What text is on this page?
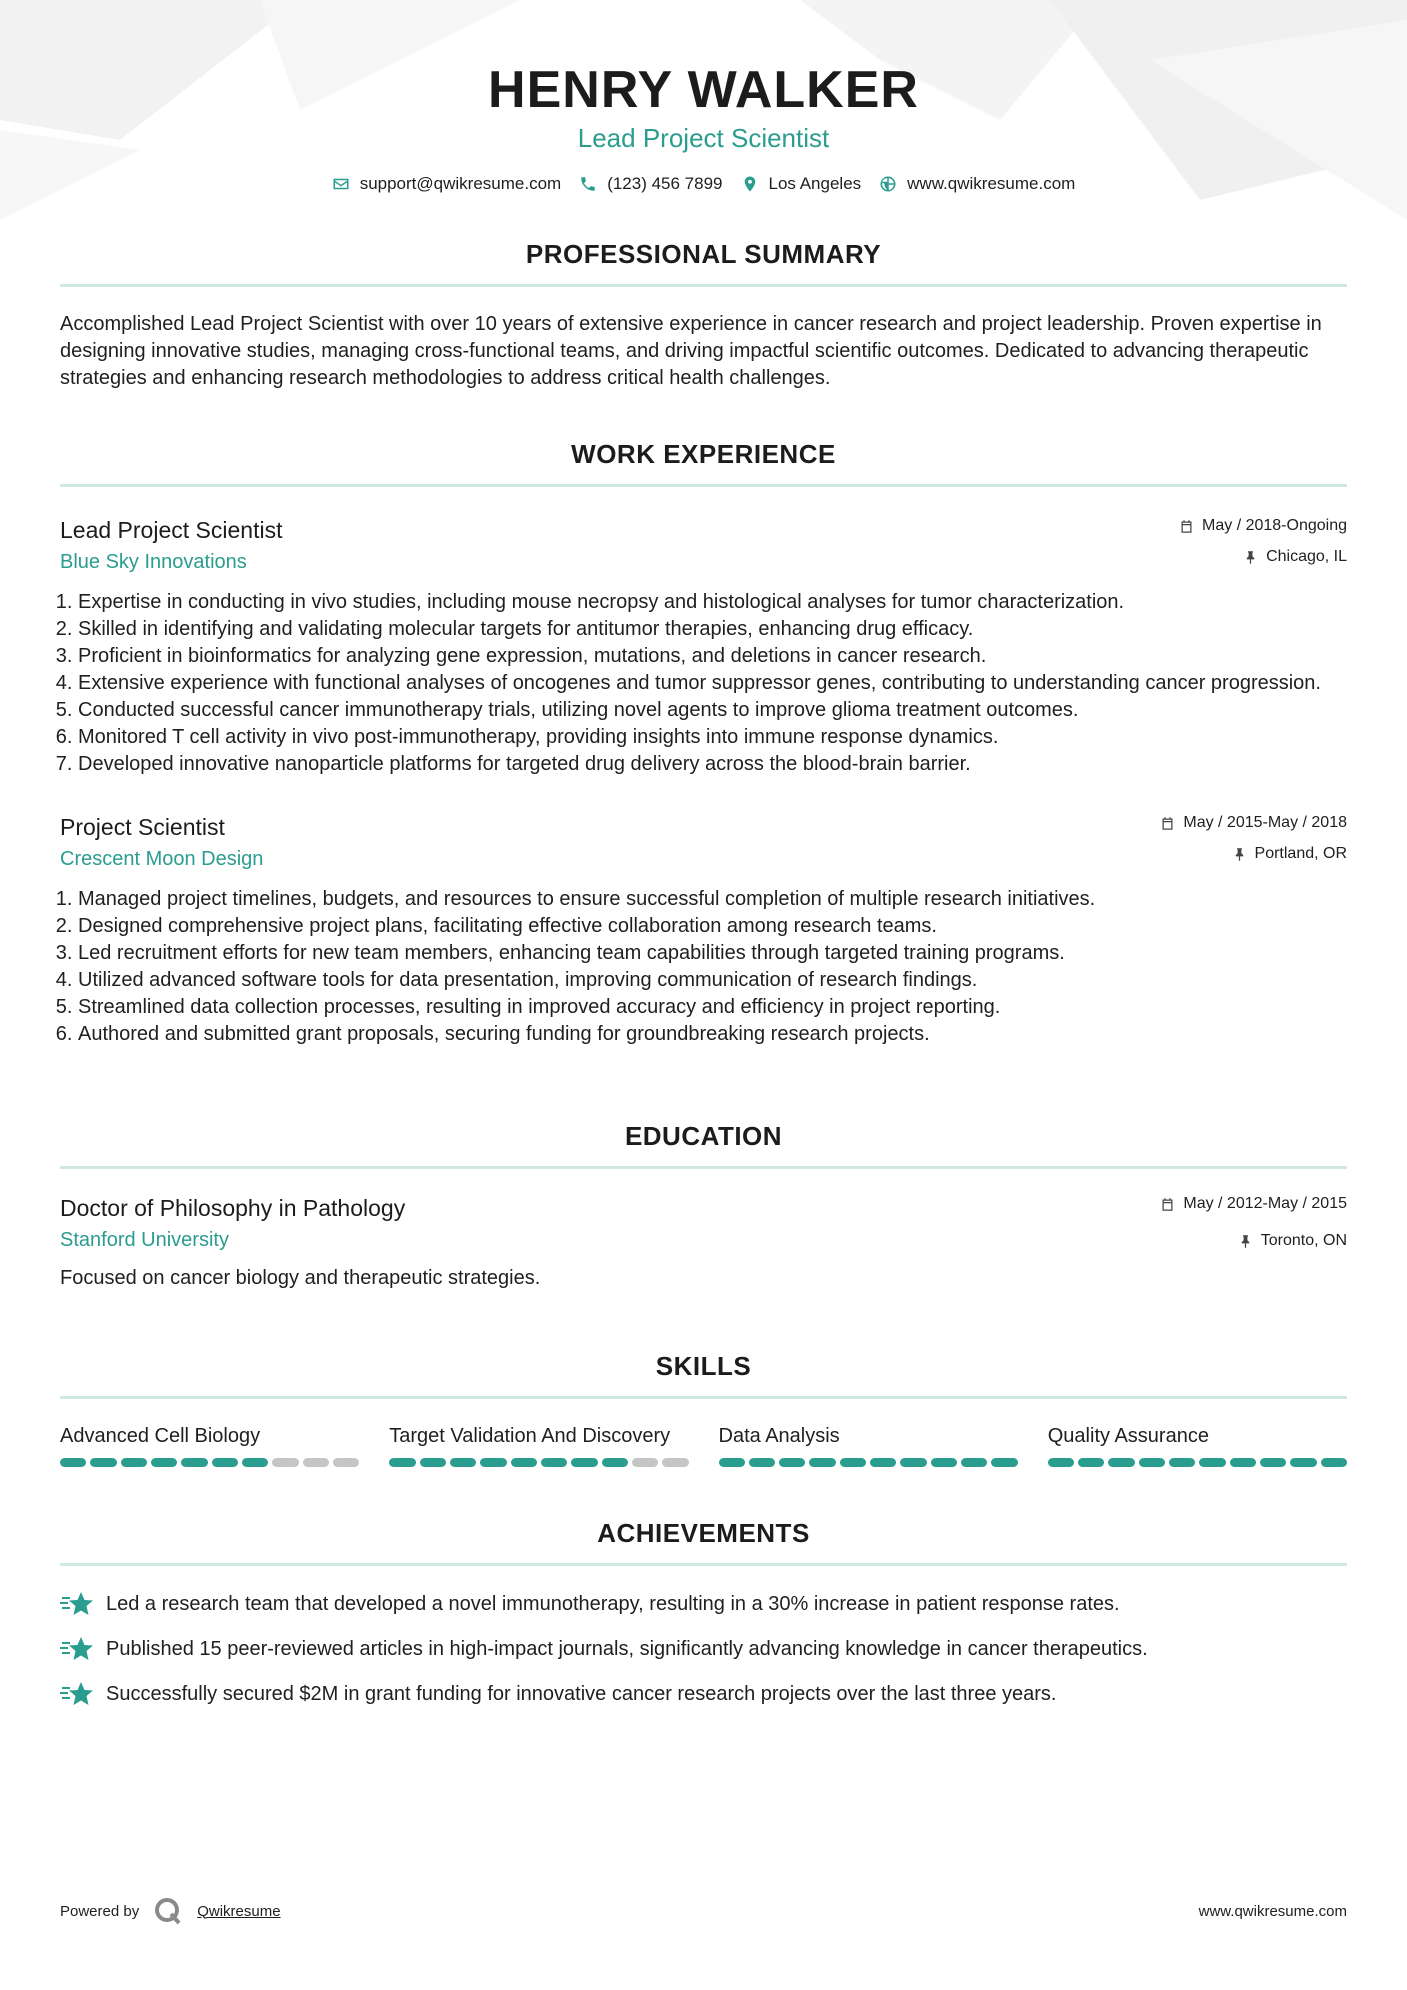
HENRY WALKER
Lead Project Scientist
support@qwikresume.com	(123) 456 7899	Los Angeles	www.qwikresume.com
PROFESSIONAL SUMMARY

Accomplished Lead Project Scientist with over 10 years of extensive experience in cancer research and project leadership. Proven expertise in designing innovative studies, managing cross-functional teams, and driving impactful scientific outcomes. Dedicated to advancing therapeutic strategies and enhancing research methodologies to address critical health challenges.

WORK EXPERIENCE
Lead Project Scientist
Blue Sky Innovations
May / 2018-Ongoing
Chicago, IL
1. Expertise in conducting in vivo studies, including mouse necropsy and histological analyses for tumor characterization.
2. Skilled in identifying and validating molecular targets for antitumor therapies, enhancing drug efficacy.
3. Proficient in bioinformatics for analyzing gene expression, mutations, and deletions in cancer research.
4. Extensive experience with functional analyses of oncogenes and tumor suppressor genes, contributing to understanding cancer progression.
5. Conducted successful cancer immunotherapy trials, utilizing novel agents to improve glioma treatment outcomes.
6. Monitored T cell activity in vivo post-immunotherapy, providing insights into immune response dynamics.
7. Developed innovative nanoparticle platforms for targeted drug delivery across the blood-brain barrier.
Project Scientist
Crescent Moon Design
May / 2015-May / 2018
Portland, OR
1. Managed project timelines, budgets, and resources to ensure successful completion of multiple research initiatives.
2. Designed comprehensive project plans, facilitating effective collaboration among research teams.
3. Led recruitment efforts for new team members, enhancing team capabilities through targeted training programs.
4. Utilized advanced software tools for data presentation, improving communication of research findings.
5. Streamlined data collection processes, resulting in improved accuracy and efficiency in project reporting.
6. Authored and submitted grant proposals, securing funding for groundbreaking research projects.
EDUCATION
Doctor of Philosophy in Pathology
Stanford University
May / 2012-May / 2015
Toronto, ON

Focused on cancer biology and therapeutic strategies.

SKILLS
Advanced Cell Biology	Target Validation And Discovery	Data Analysis	Quality Assurance
ACHIEVEMENTS
Led a research team that developed a novel immunotherapy, resulting in a 30% increase in patient response rates.
Published 15 peer-reviewed articles in high-impact journals, significantly advancing knowledge in cancer therapeutics.
Successfully secured $2M in grant funding for innovative cancer research projects over the last three years.
Powered by	Qwikresume	www.qwikresume.com
